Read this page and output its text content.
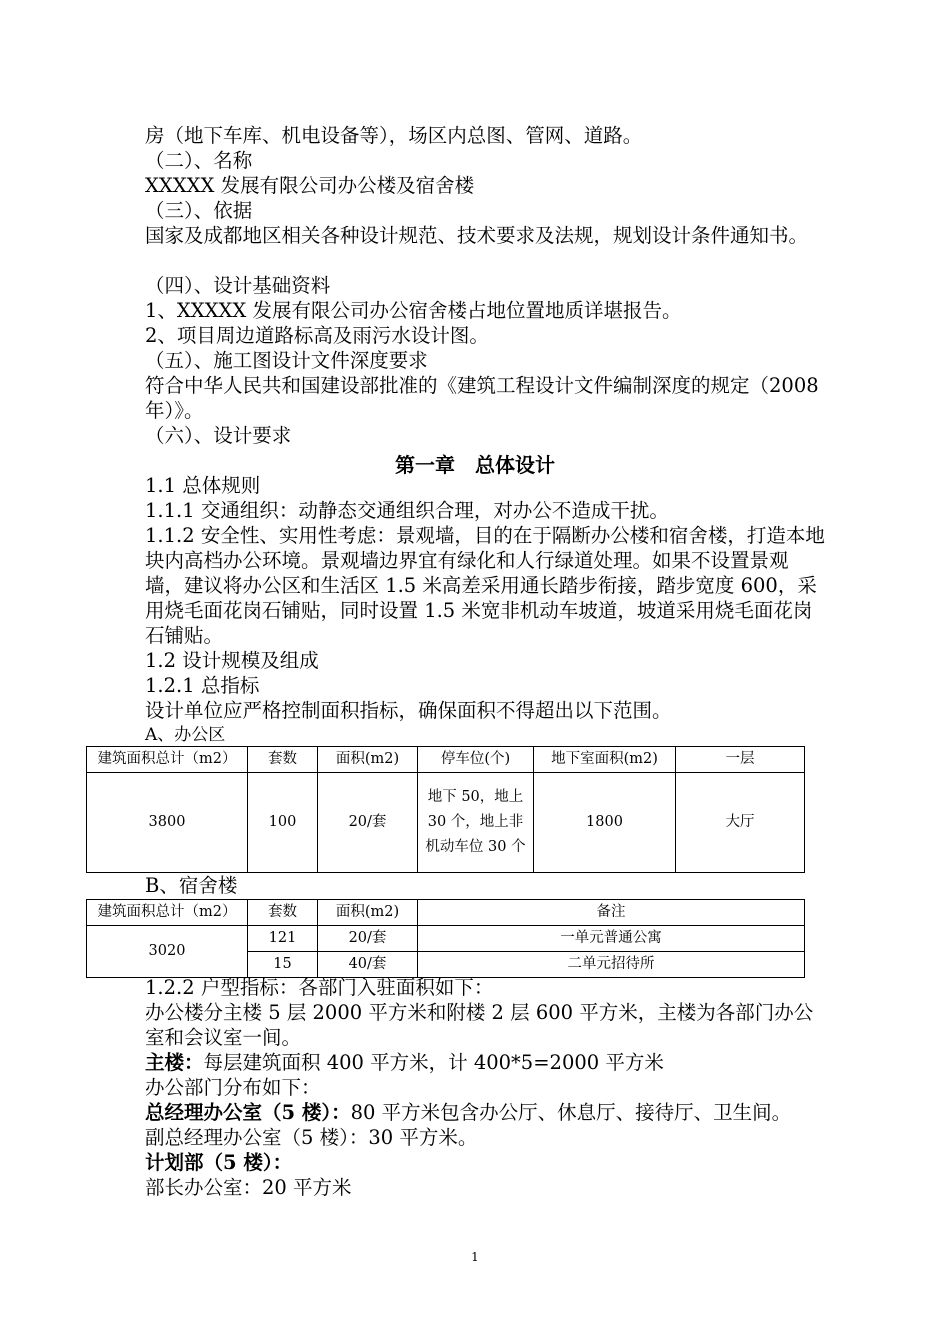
房（地下车库、机电设备等），场区内总图、管网、道路。
（二）、名称
XXXXX 发展有限公司办公楼及宿舍楼
（三）、依据
国家及成都地区相关各种设计规范、技术要求及法规，规划设计条件通知书。
（四）、设计基础资料
1、XXXXX 发展有限公司办公宿舍楼占地位置地质详堪报告。
2、项目周边道路标高及雨污水设计图。
（五）、施工图设计文件深度要求
符合中华人民共和国建设部批准的《建筑工程设计文件编制深度的规定（2008 年）》。
（六）、设计要求
第一章　总体设计
1.1 总体规则
1.1.1 交通组织：动静态交通组织合理，对办公不造成干扰。
1.1.2 安全性、实用性考虑：景观墙，目的在于隔断办公楼和宿舍楼，打造本地块内高档办公环境。景观墙边界宜有绿化和人行绿道处理。如果不设置景观墙，建议将办公区和生活区 1.5 米高差采用通长踏步衔接，踏步宽度 600，采用烧毛面花岗石铺贴，同时设置 1.5 米宽非机动车坡道，坡道采用烧毛面花岗石铺贴。
1.2 设计规模及组成
1.2.1 总指标
设计单位应严格控制面积指标，确保面积不得超出以下范围。
A、办公区
建筑面积总计（m2）	套数	面积(m2)	停车位(个)	地下室面积(m2)	一层
3800	100	20/套	地下 50，地上 30 个，地上非机动车位 30 个	1800	大厅
B、宿舍楼
建筑面积总计（m2）	套数	面积(m2)	备注
3020	121	20/套	一单元普通公寓
	15	40/套	二单元招待所
1.2.2 户型指标：各部门入驻面积如下：
办公楼分主楼 5 层 2000 平方米和附楼 2 层 600 平方米，主楼为各部门办公室和会议室一间。
主楼：每层建筑面积 400 平方米，计 400*5=2000 平方米
办公部门分布如下：
总经理办公室（5 楼）：80 平方米包含办公厅、休息厅、接待厅、卫生间。
副总经理办公室（5 楼）：30 平方米。
计划部（5 楼）：
部长办公室：20 平方米
1
